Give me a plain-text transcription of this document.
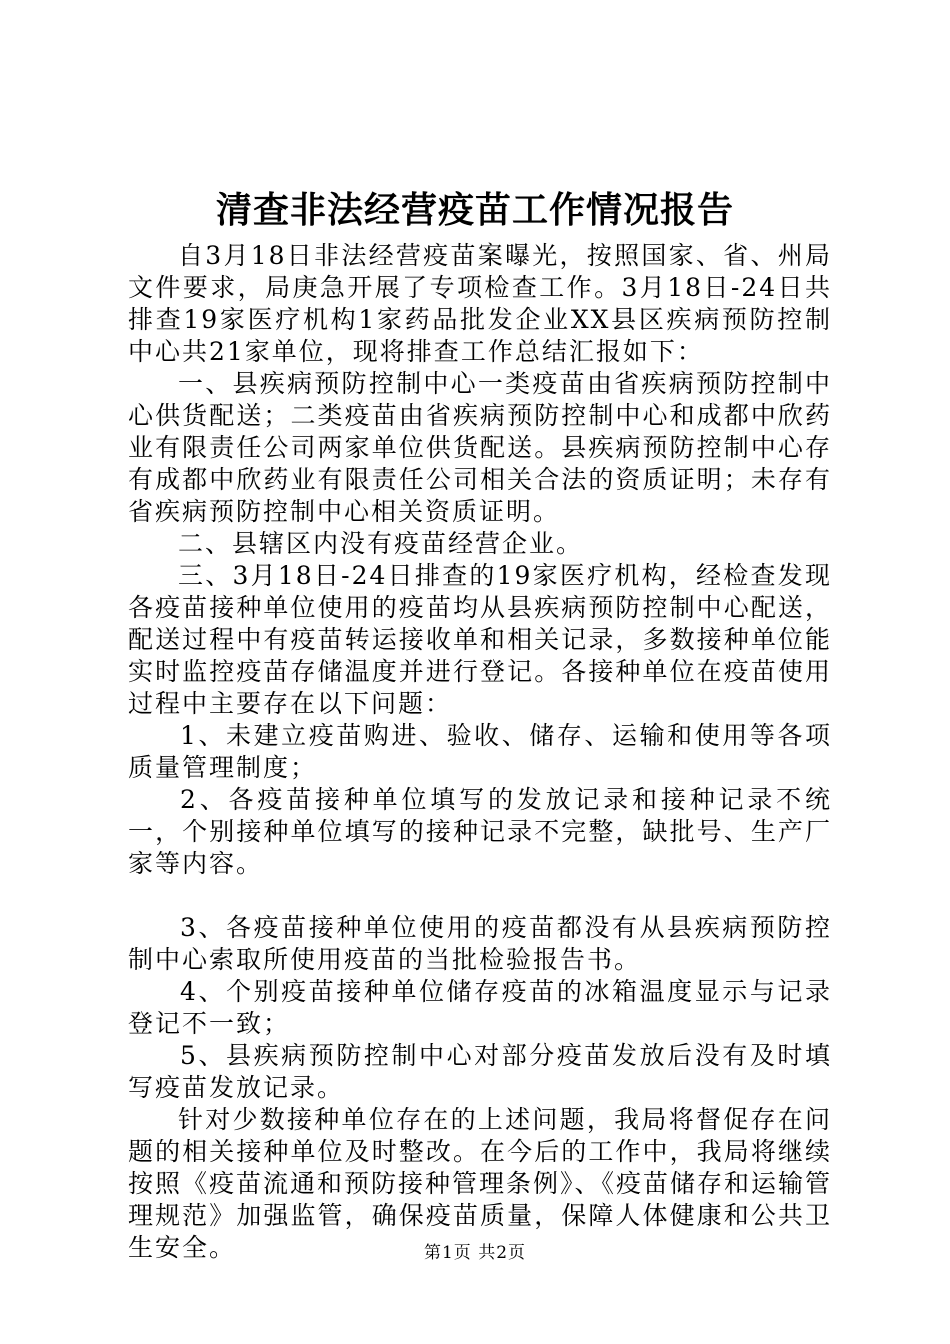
清查非法经营疫苗工作情况报告

自3月18日非法经营疫苗案曝光，按照国家、省、州局文件要求，局庚急开展了专项检查工作。3月18日-24日共排查19家医疗机构1家药品批发企业XX县区疾病预防控制中心共21家单位，现将排查工作总结汇报如下：

一、县疾病预防控制中心一类疫苗由省疾病预防控制中心供货配送；二类疫苗由省疾病预防控制中心和成都中欣药业有限责任公司两家单位供货配送。县疾病预防控制中心存有成都中欣药业有限责任公司相关合法的资质证明；未存有省疾病预防控制中心相关资质证明。

二、县辖区内没有疫苗经营企业。

三、3月18日-24日排查的19家医疗机构，经检查发现各疫苗接种单位使用的疫苗均从县疾病预防控制中心配送，配送过程中有疫苗转运接收单和相关记录，多数接种单位能实时监控疫苗存储温度并进行登记。各接种单位在疫苗使用过程中主要存在以下问题：

1、未建立疫苗购进、验收、储存、运输和使用等各项质量管理制度；

2、各疫苗接种单位填写的发放记录和接种记录不统一，个别接种单位填写的接种记录不完整，缺批号、生产厂家等内容。

3、各疫苗接种单位使用的疫苗都没有从县疾病预防控制中心索取所使用疫苗的当批检验报告书。

4、个别疫苗接种单位储存疫苗的冰箱温度显示与记录登记不一致；

5、县疾病预防控制中心对部分疫苗发放后没有及时填写疫苗发放记录。

针对少数接种单位存在的上述问题，我局将督促存在问题的相关接种单位及时整改。在今后的工作中，我局将继续按照《疫苗流通和预防接种管理条例》、《疫苗储存和运输管理规范》加强监管，确保疫苗质量，保障人体健康和公共卫生安全。	第1页 共2页
